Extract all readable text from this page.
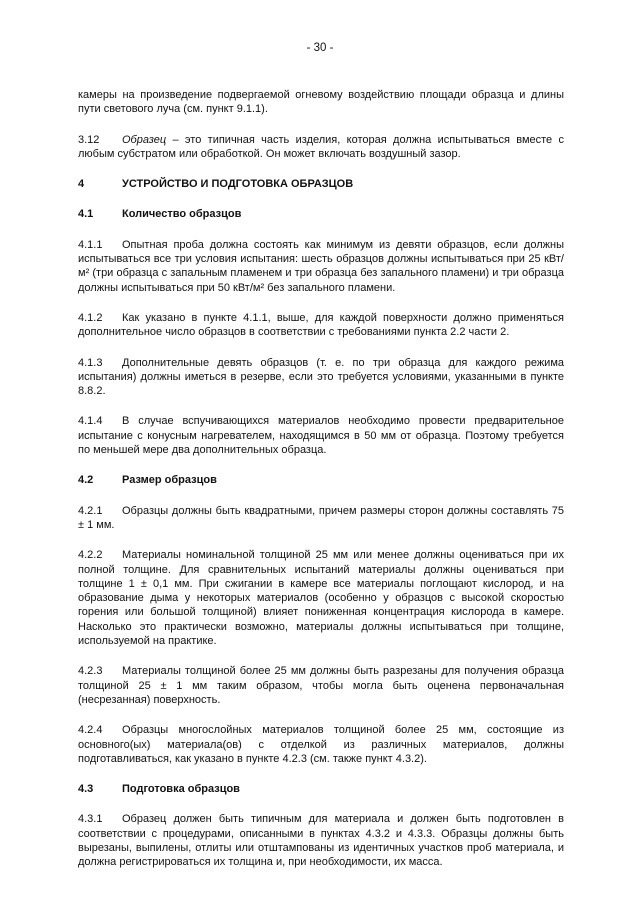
- 30 -

камеры на произведение подвергаемой огневому воздействию площади образца и длины пути светового луча (см. пункт 9.1.1).

3.12 Образец – это типичная часть изделия, которая должна испытываться вместе с любым субстратом или обработкой. Он может включать воздушный зазор.

4	УСТРОЙСТВО И ПОДГОТОВКА ОБРАЗЦОВ
4.1	Количество образцов

4.1.1 Опытная проба должна состоять как минимум из девяти образцов, если должны испытываться все три условия испытания: шесть образцов должны испытываться при 25 кВт/м² (три образца с запальным пламенем и три образца без запального пламени) и три образца должны испытываться при 50 кВт/м² без запального пламени.

4.1.2 Как указано в пункте 4.1.1, выше, для каждой поверхности должно применяться дополнительное число образцов в соответствии с требованиями пункта 2.2 части 2.

4.1.3 Дополнительные девять образцов (т. е. по три образца для каждого режима испытания) должны иметься в резерве, если это требуется условиями, указанными в пункте 8.8.2.

4.1.4 В случае вспучивающихся материалов необходимо провести предварительное испытание с конусным нагревателем, находящимся в 50 мм от образца. Поэтому требуется по меньшей мере два дополнительных образца.

4.2	Размер образцов

4.2.1 Образцы должны быть квадратными, причем размеры сторон должны составлять 75 ± 1 мм.

4.2.2 Материалы номинальной толщиной 25 мм или менее должны оцениваться при их полной толщине. Для сравнительных испытаний материалы должны оцениваться при толщине 1 ± 0,1 мм. При сжигании в камере все материалы поглощают кислород, и на образование дыма у некоторых материалов (особенно у образцов с высокой скоростью горения или большой толщиной) влияет пониженная концентрация кислорода в камере. Насколько это практически возможно, материалы должны испытываться при толщине, используемой на практике.

4.2.3 Материалы толщиной более 25 мм должны быть разрезаны для получения образца толщиной 25 ± 1 мм таким образом, чтобы могла быть оценена первоначальная (несрезанная) поверхность.

4.2.4 Образцы многослойных материалов толщиной более 25 мм, состоящие из основного(ых) материала(ов) с отделкой из различных материалов, должны подготавливаться, как указано в пункте 4.2.3 (см. также пункт 4.3.2).

4.3	Подготовка образцов

4.3.1 Образец должен быть типичным для материала и должен быть подготовлен в соответствии с процедурами, описанными в пунктах 4.3.2 и 4.3.3. Образцы должны быть вырезаны, выпилены, отлиты или отштампованы из идентичных участков проб материала, и должна регистрироваться их толщина и, при необходимости, их масса.
